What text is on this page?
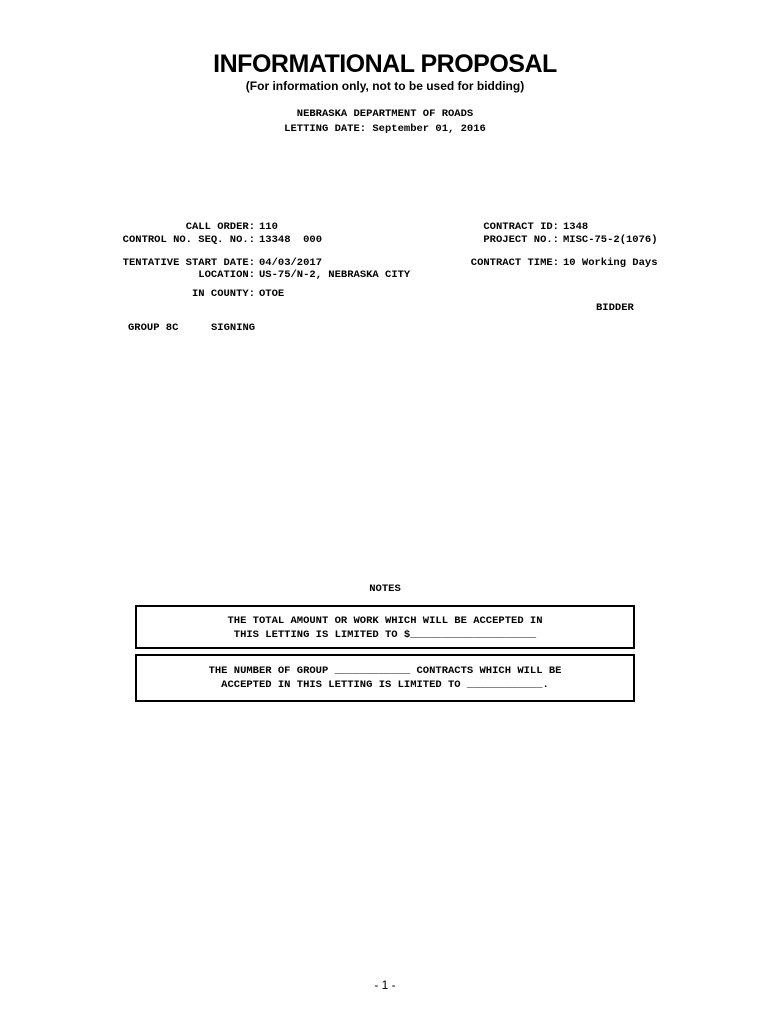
INFORMATIONAL PROPOSAL
(For information only, not to be used for bidding)
NEBRASKA DEPARTMENT OF ROADS
LETTING DATE: September 01, 2016
CALL ORDER: 110
CONTROL NO. SEQ. NO.: 13348  000
TENTATIVE START DATE: 04/03/2017
LOCATION: US-75/N-2, NEBRASKA CITY
IN COUNTY: OTOE
CONTRACT ID: 1348
PROJECT NO.: MISC-75-2(1076)
CONTRACT TIME: 10 Working Days
BIDDER
GROUP 8C	SIGNING
NOTES
THE TOTAL AMOUNT OR WORK WHICH WILL BE ACCEPTED IN
THIS LETTING IS LIMITED TO $____________________
THE NUMBER OF GROUP ____________ CONTRACTS WHICH WILL BE
ACCEPTED IN THIS LETTING IS LIMITED TO ____________.
- 1 -
